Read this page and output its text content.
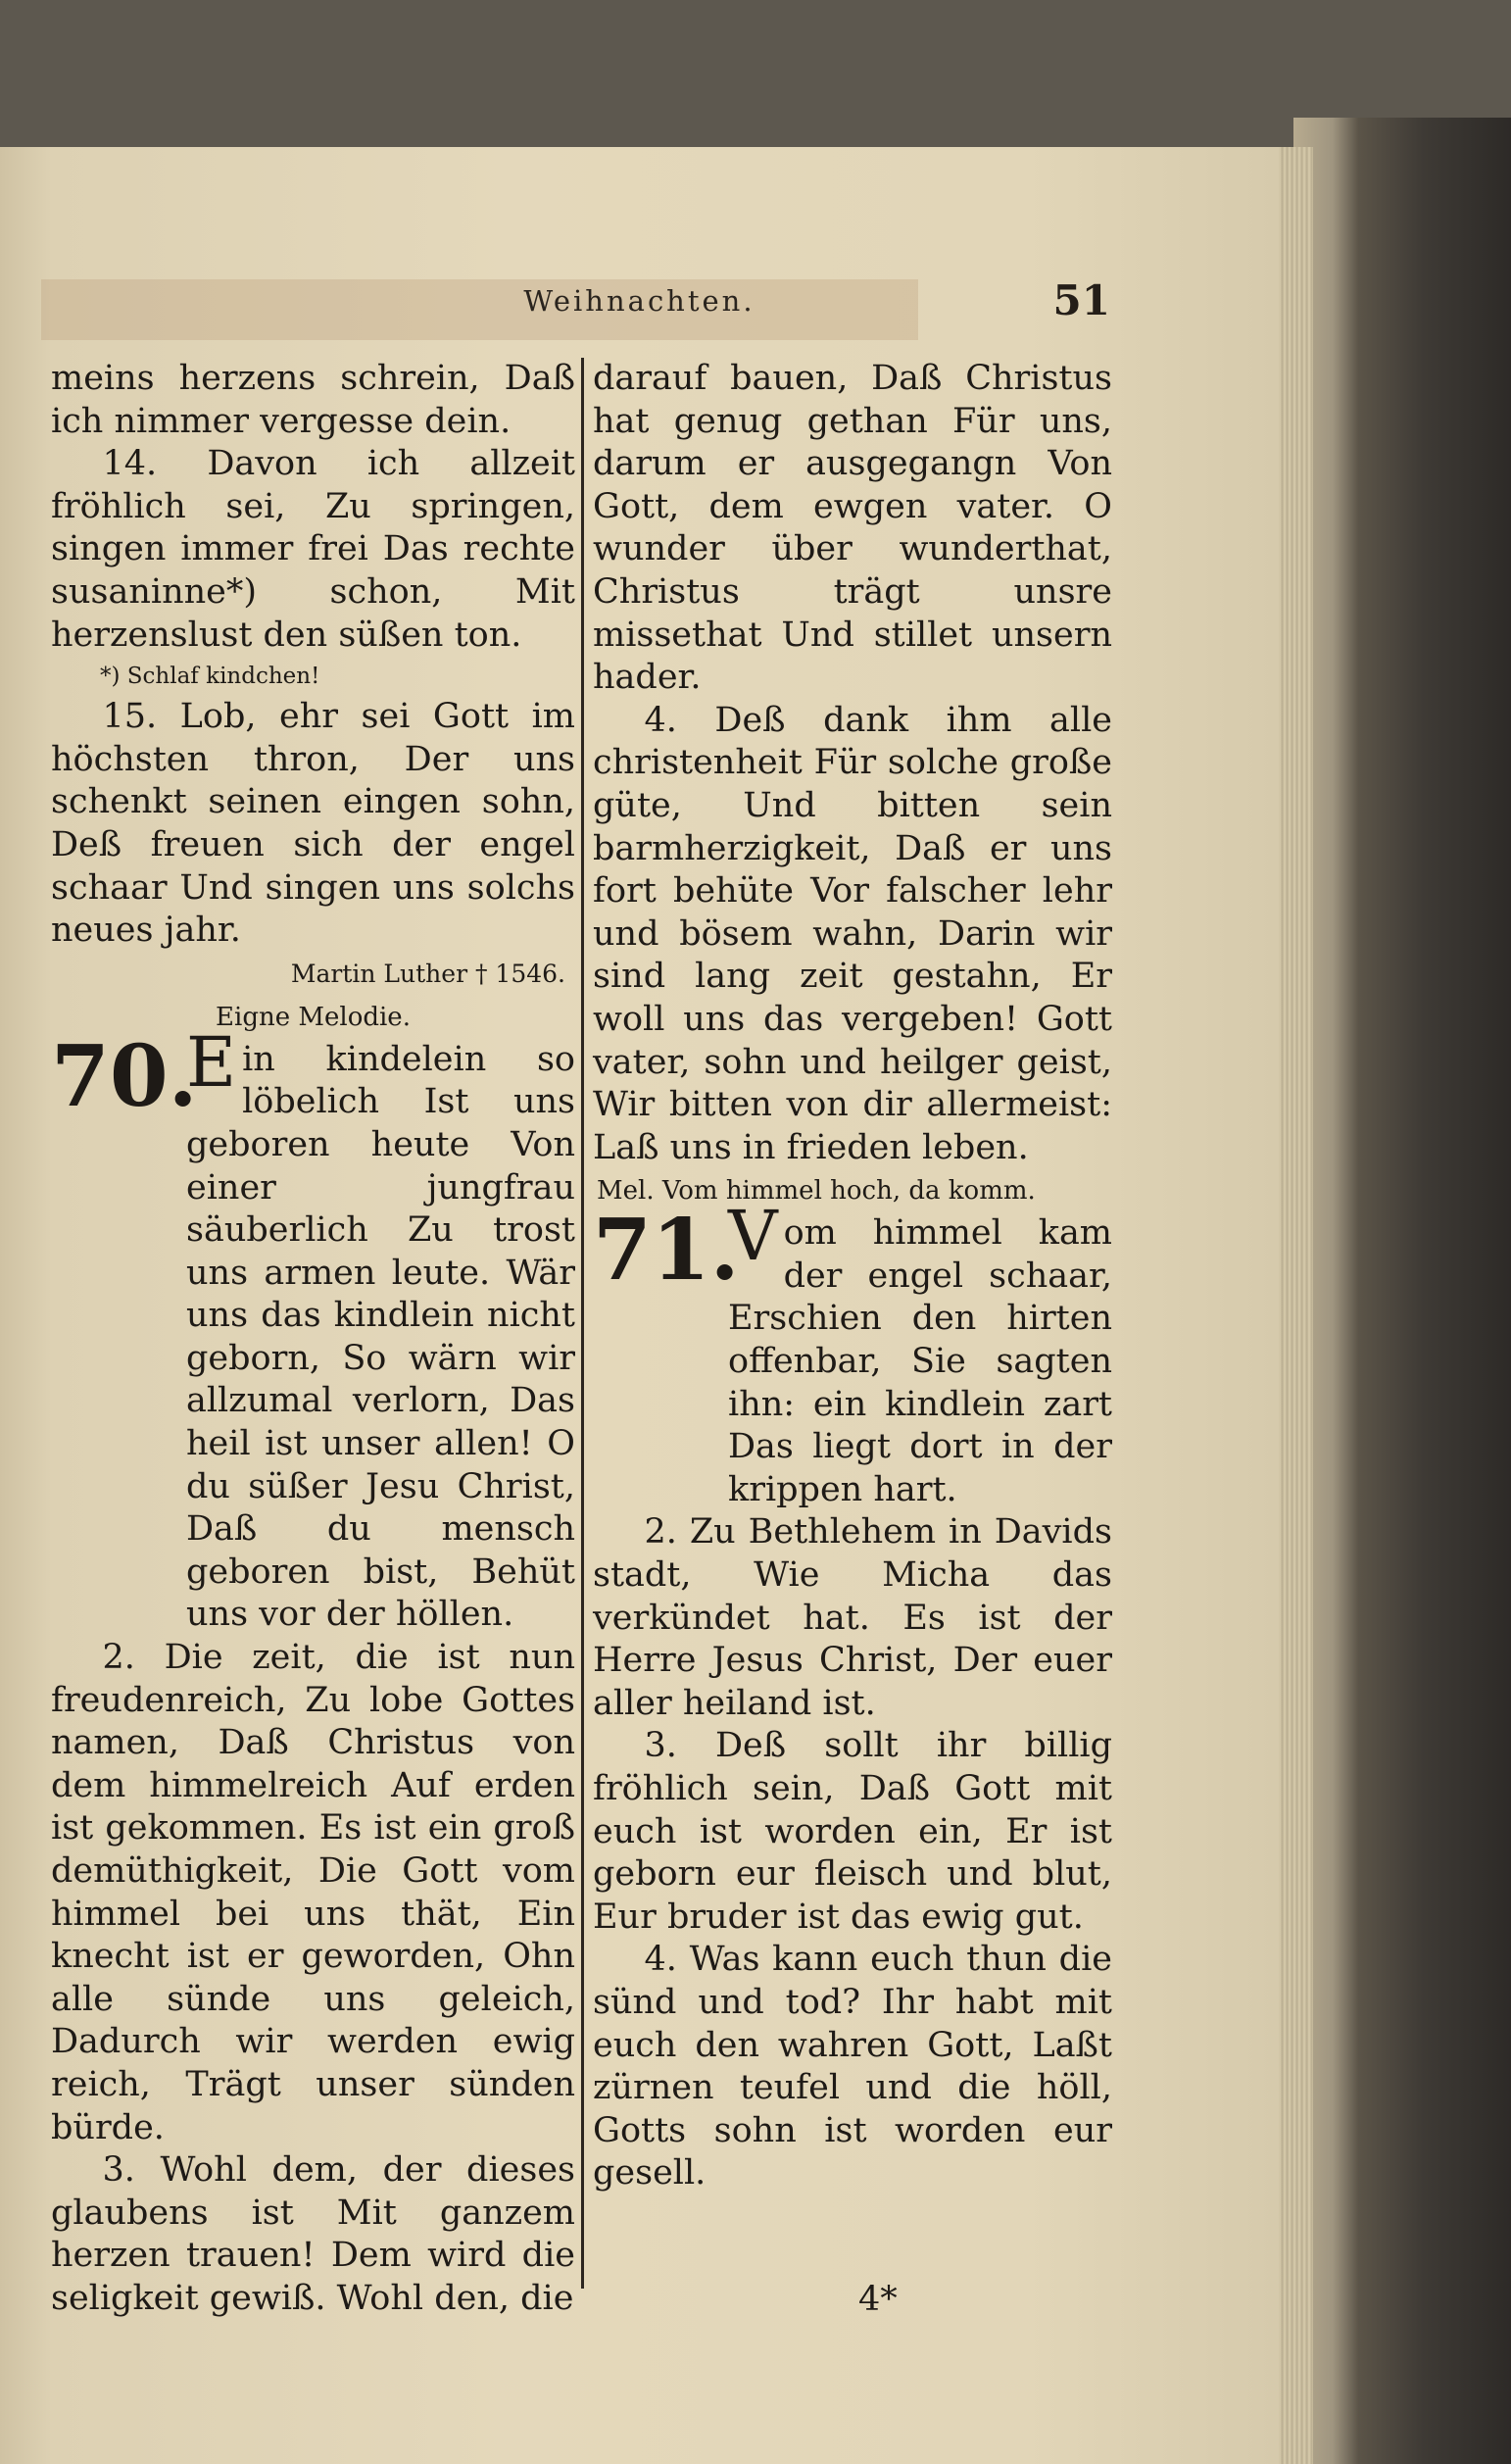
Weihnachten.	51

meins herzens schrein, Daß ich nimmer vergesse dein.

14. Davon ich allzeit fröhlich sei, Zu springen, singen immer frei Das rechte susaninne*) schon, Mit herzenslust den süßen ton.

*) Schlaf kindchen!

15. Lob, ehr sei Gott im höchsten thron, Der uns schenkt seinen eingen sohn, Deß freuen sich der engel schaar Und singen uns solchs neues jahr.

Martin Luther † 1546.

Eigne Melodie.

70.

Ein kindelein so löbelich Ist uns geboren heute Von einer jungfrau säuberlich Zu trost uns armen leute. Wär uns das kindlein nicht geborn, So wärn wir allzumal verlorn, Das heil ist unser allen! O du süßer Jesu Christ, Daß du mensch geboren bist, Behüt uns vor der höllen.

2. Die zeit, die ist nun freudenreich, Zu lobe Gottes namen, Daß Christus von dem himmelreich Auf erden ist gekommen. Es ist ein groß demüthigkeit, Die Gott vom himmel bei uns thät, Ein knecht ist er geworden, Ohn alle sünde uns geleich, Dadurch wir werden ewig reich, Trägt unser sünden bürde.

3. Wohl dem, der dieses glaubens ist Mit ganzem herzen trauen! Dem wird die seligkeit gewiß. Wohl den, die

darauf bauen, Daß Christus hat genug gethan Für uns, darum er ausgegangn Von Gott, dem ewgen vater. O wunder über wunderthat, Christus trägt unsre missethat Und stillet unsern hader.

4. Deß dank ihm alle christenheit Für solche große güte, Und bitten sein barmherzigkeit, Daß er uns fort behüte Vor falscher lehr und bösem wahn, Darin wir sind lang zeit gestahn, Er woll uns das vergeben! Gott vater, sohn und heilger geist, Wir bitten von dir allermeist: Laß uns in frieden leben.

Mel. Vom himmel hoch, da komm.

71.

Vom himmel kam der engel schaar, Erschien den hirten offenbar, Sie sagten ihn: ein kindlein zart Das liegt dort in der krippen hart.

2. Zu Bethlehem in Davids stadt, Wie Micha das verkündet hat. Es ist der Herre Jesus Christ, Der euer aller heiland ist.

3. Deß sollt ihr billig fröhlich sein, Daß Gott mit euch ist worden ein, Er ist geborn eur fleisch und blut, Eur bruder ist das ewig gut.

4. Was kann euch thun die sünd und tod? Ihr habt mit euch den wahren Gott, Laßt zürnen teufel und die höll, Gotts sohn ist worden eur gesell.

4*
